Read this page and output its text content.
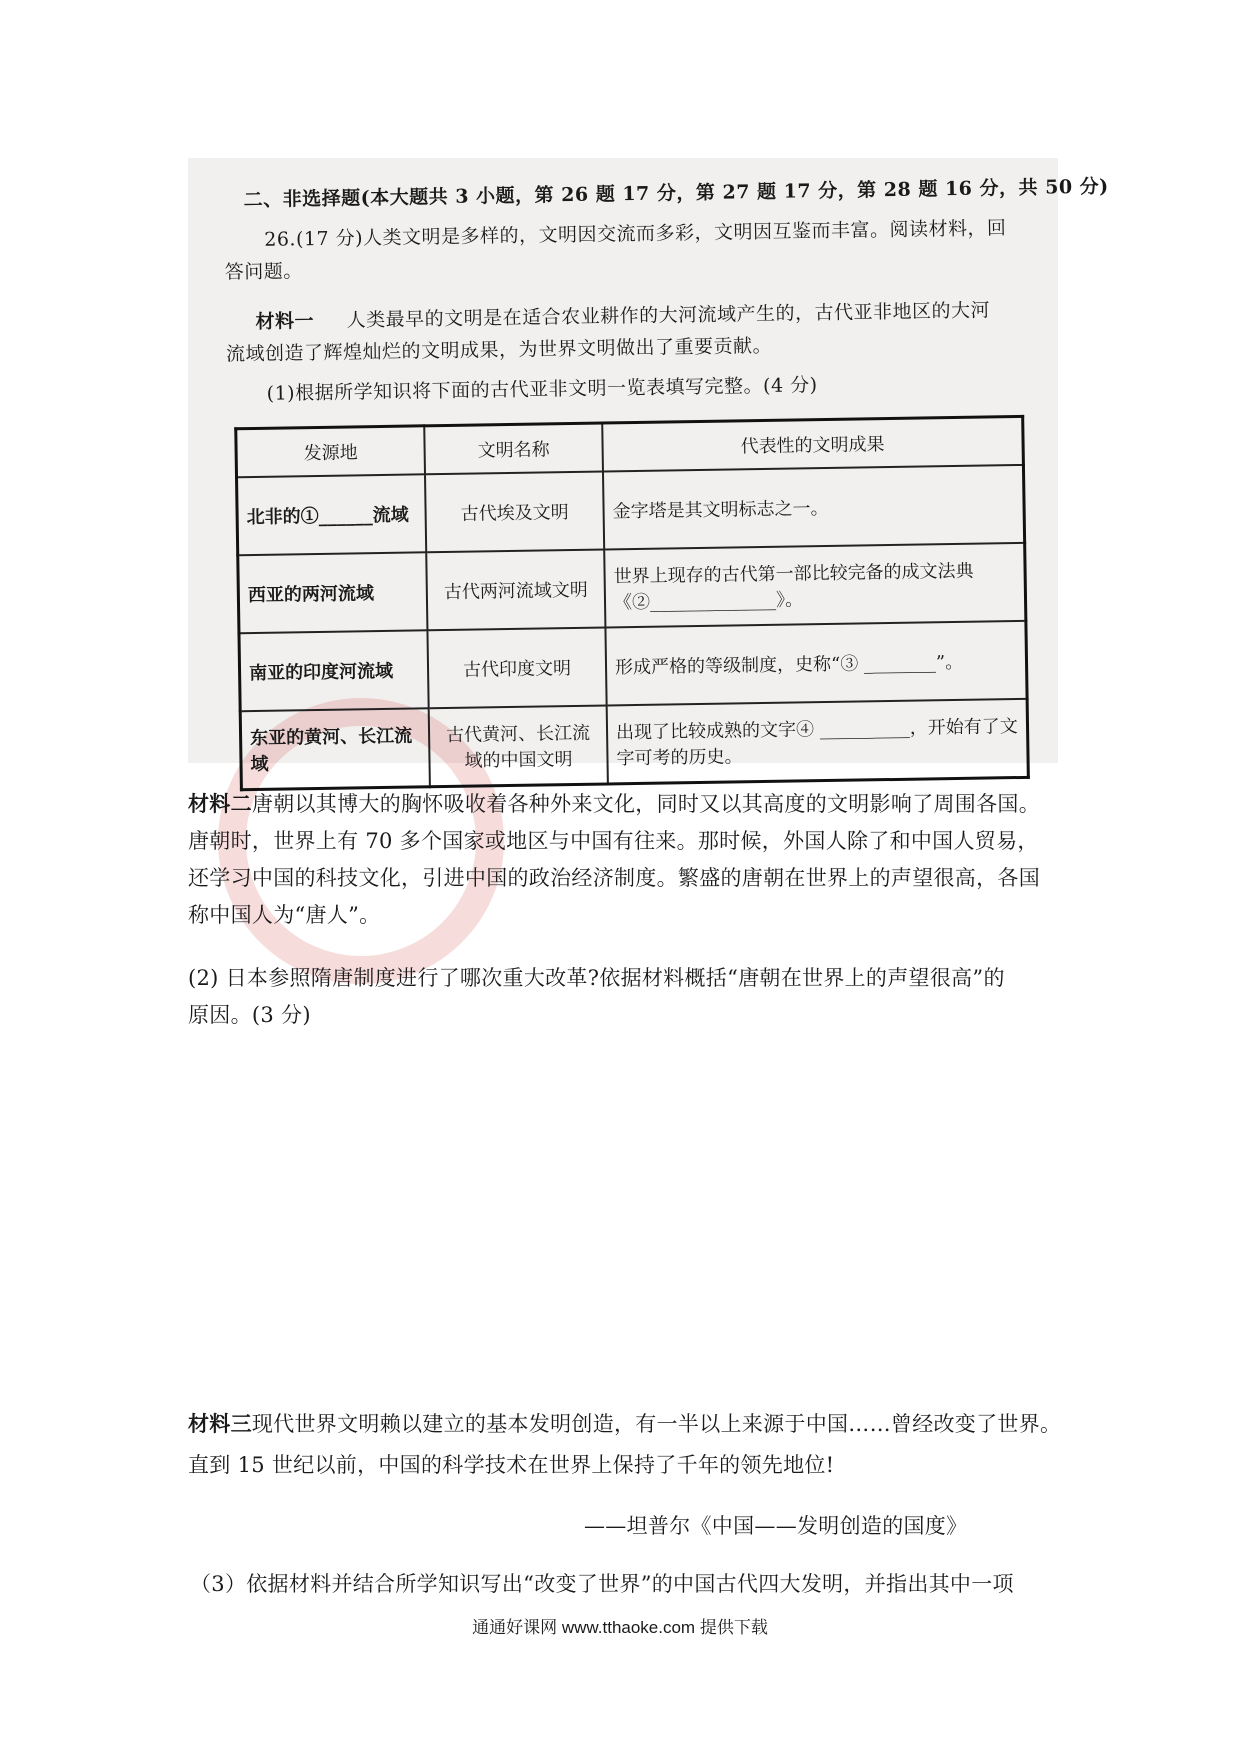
二、非选择题(本大题共 3 小题，第 26 题 17 分，第 27 题 17 分，第 28 题 16 分，共 50 分)
26.(17 分)人类文明是多样的，文明因交流而多彩，文明因互鉴而丰富。阅读材料，回
答问题。
材料一 人类最早的文明是在适合农业耕作的大河流域产生的，古代亚非地区的大河
流域创造了辉煌灿烂的文明成果，为世界文明做出了重要贡献。
(1)根据所学知识将下面的古代亚非文明一览表填写完整。(4 分)
发源地	文明名称	代表性的文明成果
北非的①______流域	古代埃及文明	金字塔是其文明标志之一。
西亚的两河流域	古代两河流域文明	世界上现存的古代第一部比较完备的成文法典《②______________》。
南亚的印度河流域	古代印度文明	形成严格的等级制度，史称“③ ________”。
东亚的黄河、长江流域	古代黄河、长江流域的中国文明	出现了比较成熟的文字④ __________，开始有了文字可考的历史。
材料二唐朝以其博大的胸怀吸收着各种外来文化，同时又以其高度的文明影响了周围各国。
唐朝时，世界上有 70 多个国家或地区与中国有往来。那时候，外国人除了和中国人贸易，
还学习中国的科技文化，引进中国的政治经济制度。繁盛的唐朝在世界上的声望很高，各国
称中国人为“唐人”。
(2) 日本参照隋唐制度进行了哪次重大改革?依据材料概括“唐朝在世界上的声望很高”的
原因。(3 分)
材料三现代世界文明赖以建立的基本发明创造，有一半以上来源于中国……曾经改变了世界。
直到 15 世纪以前，中国的科学技术在世界上保持了千年的领先地位!
——坦普尔《中国——发明创造的国度》
（3）依据材料并结合所学知识写出“改变了世界”的中国古代四大发明，并指出其中一项
通通好课网 www.tthaoke.com 提供下载
